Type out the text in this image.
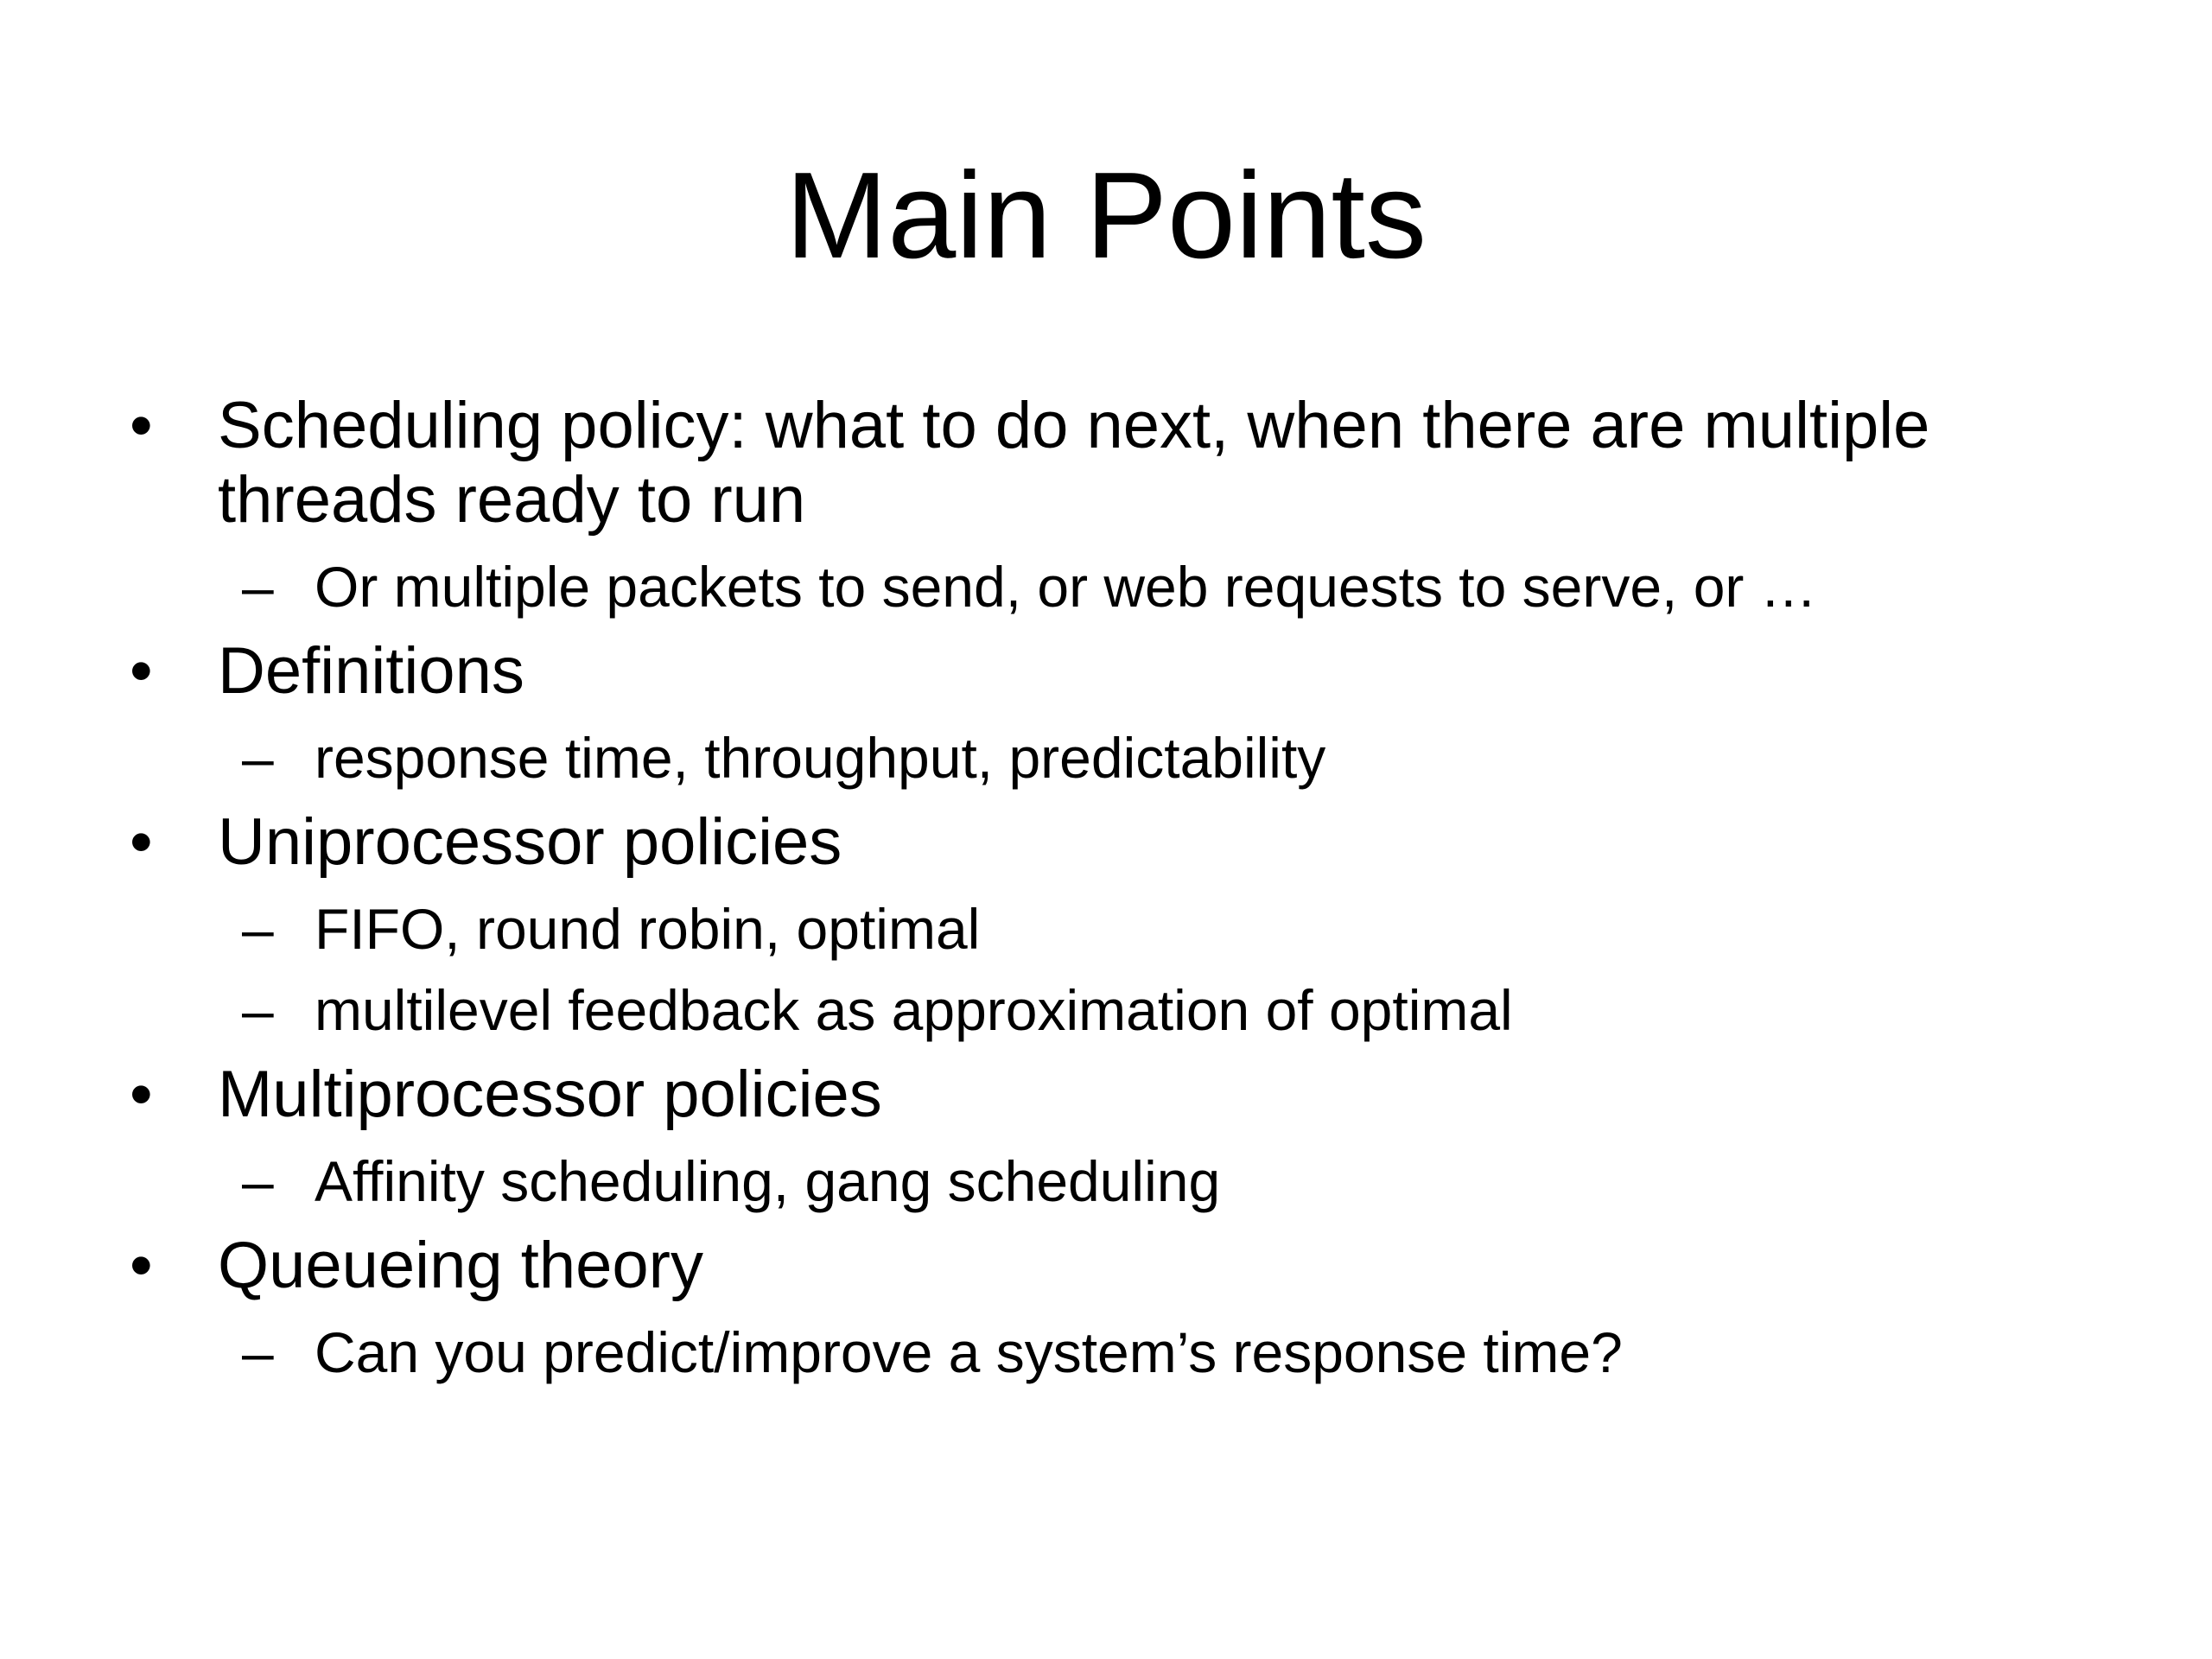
Main Points
• Scheduling policy: what to do next, when there are multiple threads ready to run
– Or multiple packets to send, or web requests to serve, or …
• Definitions
– response time, throughput, predictability
• Uniprocessor policies
– FIFO, round robin, optimal
– multilevel feedback as approximation of optimal
• Multiprocessor policies
– Affinity scheduling, gang scheduling
• Queueing theory
– Can you predict/improve a system’s response time?
